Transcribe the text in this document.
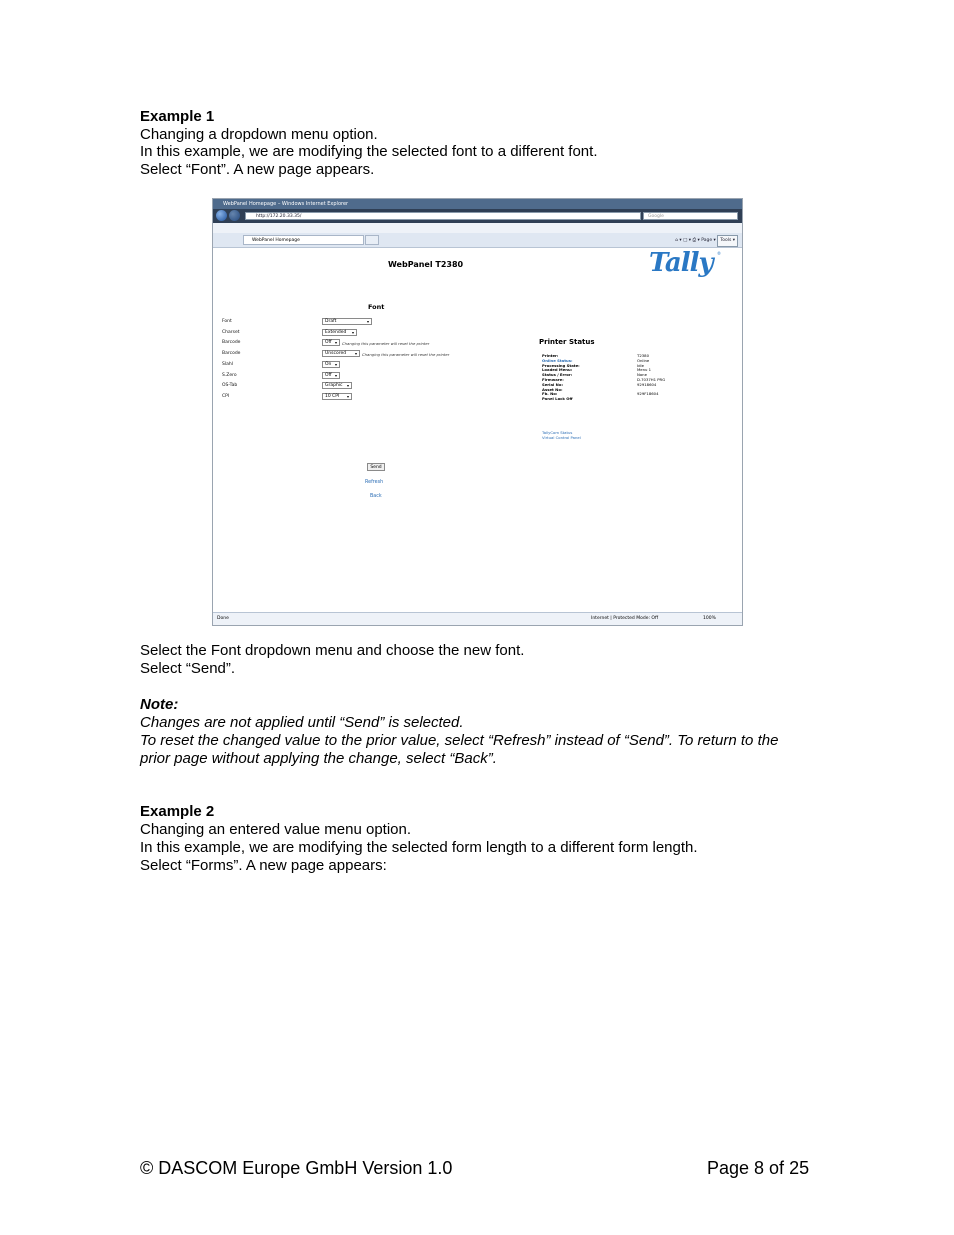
Example 1
Changing a dropdown menu option.
In this example, we are modifying the selected font to a different font.
Select “Font”. A new page appears.
WebPanel Homepage – Windows Internet Explorer
http://172.20.33.35/	Google
WebPanel Homepage	⌂ ▾ □ ▾ ⎙ ▾ Page ▾ Tools ▾
WebPanel T2380	Tally ®
Font
Font	Draft	▾
Charset	Extended ▾
Barcode	Off ▾ Changing this parameter will reset the printer
Barcode	Unscored ▾ Changing this parameter will reset the printer
Slahl	On ▾
S.Zero	Off ▾
OS-Tab	Graphic ▾
CPI	10 CPI ▾
Send
Refresh
Back
Printer Status
Printer:	T2380
Online Status:	Online
Processing State:	Idle
Loaded Menu:	Menu 1
Status / Error:	None
Firmware:	D.7037H1 PRG
Serial No:	92918604
Asset No:
Fb. No:	929F18604
Panel Lock Off
TallyCom Status
Virtual Control Panel
Done	Internet | Protected Mode: Off	100%
Select the Font dropdown menu and choose the new font.
Select “Send”.
Note:
Changes are not applied until “Send” is selected.
To reset the changed value to the prior value, select “Refresh” instead of “Send”. To return to the
prior page without applying the change, select “Back”.
Example 2
Changing an entered value menu option.
In this example, we are modifying the selected form length to a different form length.
Select “Forms”. A new page appears:
© DASCOM Europe GmbH Version 1.0	Page 8 of 25
